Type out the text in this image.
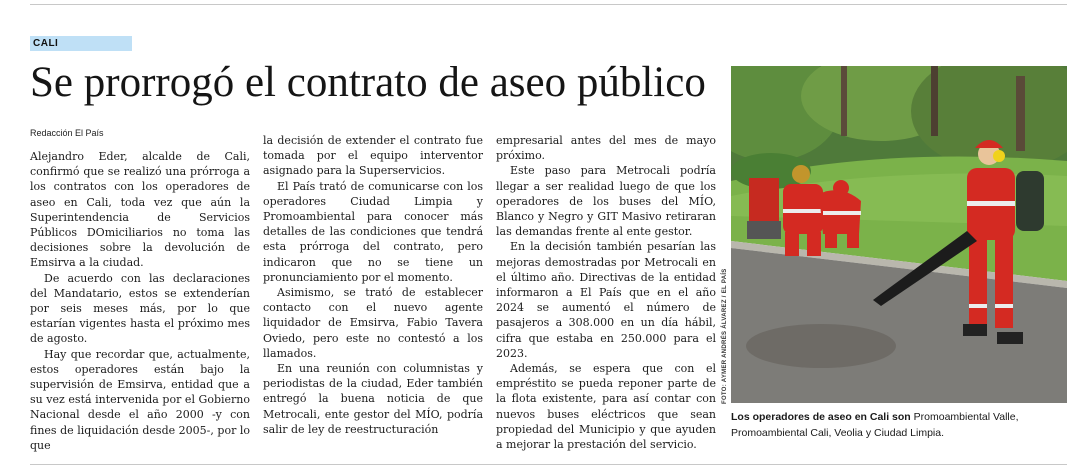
CALI
Se prorrogó el contrato de aseo público
Redacción El País

Alejandro Eder, alcalde de Cali, confirmó que se realizó una prórroga a los contratos con los operadores de aseo en Cali, toda vez que aún la Superintendencia de Servicios Públicos DOmiciliarios no toma las decisiones sobre la devolución de Emsirva a la ciudad.

De acuerdo con las declaraciones del Mandatario, estos se extenderían por seis meses más, por lo que estarían vigentes hasta el próximo mes de agosto.

Hay que recordar que, actualmente, estos operadores están bajo la supervisión de Emsirva, entidad que a su vez está intervenida por el Gobierno Nacional desde el año 2000 -y con fines de liquidación desde 2005-, por lo que

la decisión de extender el contrato fue tomada por el equipo interventor asignado para la Superservicios.

El País trató de comunicarse con los operadores Ciudad Limpia y Promoambiental para conocer más detalles de las condiciones que tendrá esta prórroga del contrato, pero indicaron que no se tiene un pronunciamiento por el momento.

Asimismo, se trató de establecer contacto con el nuevo agente liquidador de Emsirva, Fabio Tavera Oviedo, pero este no contestó a los llamados.

En una reunión con columnistas y periodistas de la ciudad, Eder también entregó la buena noticia de que Metrocali, ente gestor del MÍO, podría salir de ley de reestructuración

empresarial antes del mes de mayo próximo.

Este paso para Metrocali podría llegar a ser realidad luego de que los operadores de los buses del MÍO, Blanco y Negro y GIT Masivo retiraran las demandas frente al ente gestor.

En la decisión también pesarían las mejoras demostradas por Metrocali en el último año. Directivas de la entidad informaron a El País que en el año 2024 se aumentó el número de pasajeros a 308.000 en un día hábil, cifra que estaba en 250.000 para el 2023.

Además, se espera que con el empréstito se pueda reponer parte de la flota existente, para así contar con nuevos buses eléctricos que sean propiedad del Municipio y que ayuden a mejorar la prestación del servicio.

FOTO: AYMER ANDRÉS ÁLVAREZ / EL PAÍS
Los operadores de aseo en Cali son Promoambiental Valle, Promoambiental Cali, Veolia y Ciudad Limpia.
